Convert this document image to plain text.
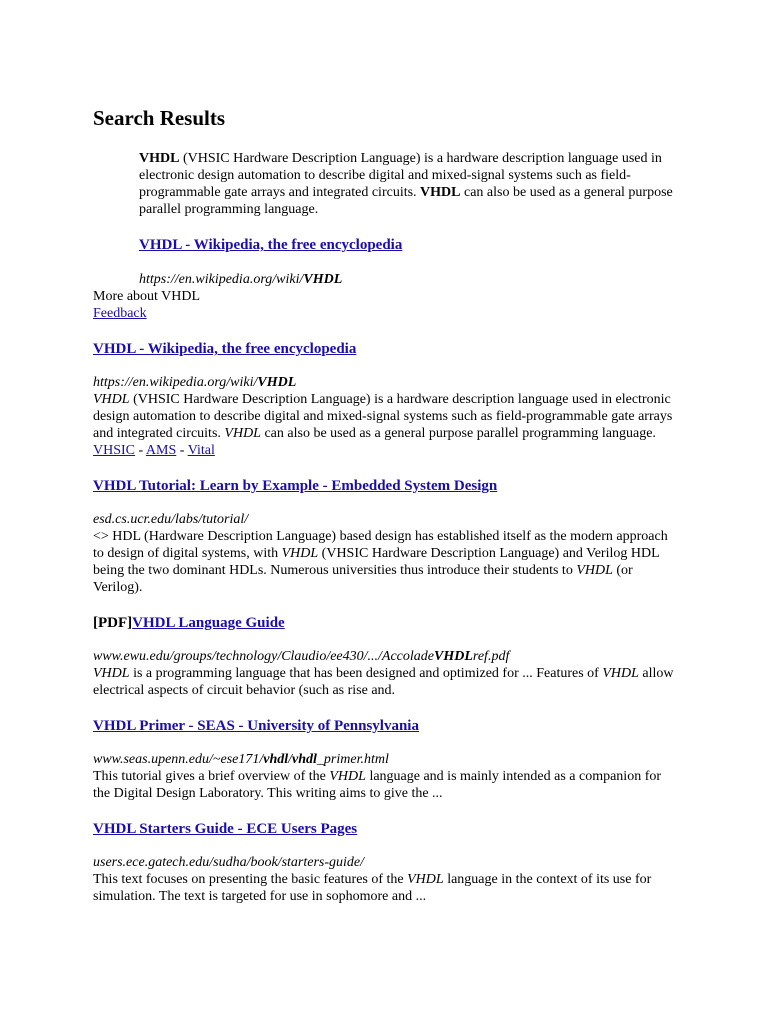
Search Results

VHDL (VHSIC Hardware Description Language) is a hardware description language used in electronic design automation to describe digital and mixed-signal systems such as field-programmable gate arrays and integrated circuits. VHDL can also be used as a general purpose parallel programming language.

VHDL - Wikipedia, the free encyclopedia

https://en.wikipedia.org/wiki/VHDL

More about VHDL

Feedback

VHDL - Wikipedia, the free encyclopedia

https://en.wikipedia.org/wiki/VHDL

VHDL (VHSIC Hardware Description Language) is a hardware description language used in electronic design automation to describe digital and mixed-signal systems such as field-programmable gate arrays and integrated circuits. VHDL can also be used as a general purpose parallel programming language.

VHSIC - AMS - Vital

VHDL Tutorial: Learn by Example - Embedded System Design

esd.cs.ucr.edu/labs/tutorial/

<> HDL (Hardware Description Language) based design has established itself as the modern approach to design of digital systems, with VHDL (VHSIC Hardware Description Language) and Verilog HDL being the two dominant HDLs. Numerous universities thus introduce their students to VHDL (or Verilog).

[PDF]VHDL Language Guide

www.ewu.edu/groups/technology/Claudio/ee430/.../AccoladeVHDLref.pdf

VHDL is a programming language that has been designed and optimized for ... Features of VHDL allow electrical aspects of circuit behavior (such as rise and.

VHDL Primer - SEAS - University of Pennsylvania

www.seas.upenn.edu/~ese171/vhdl/vhdl_primer.html

This tutorial gives a brief overview of the VHDL language and is mainly intended as a companion for the Digital Design Laboratory. This writing aims to give the ...

VHDL Starters Guide - ECE Users Pages

users.ece.gatech.edu/sudha/book/starters-guide/

This text focuses on presenting the basic features of the VHDL language in the context of its use for simulation. The text is targeted for use in sophomore and ...
